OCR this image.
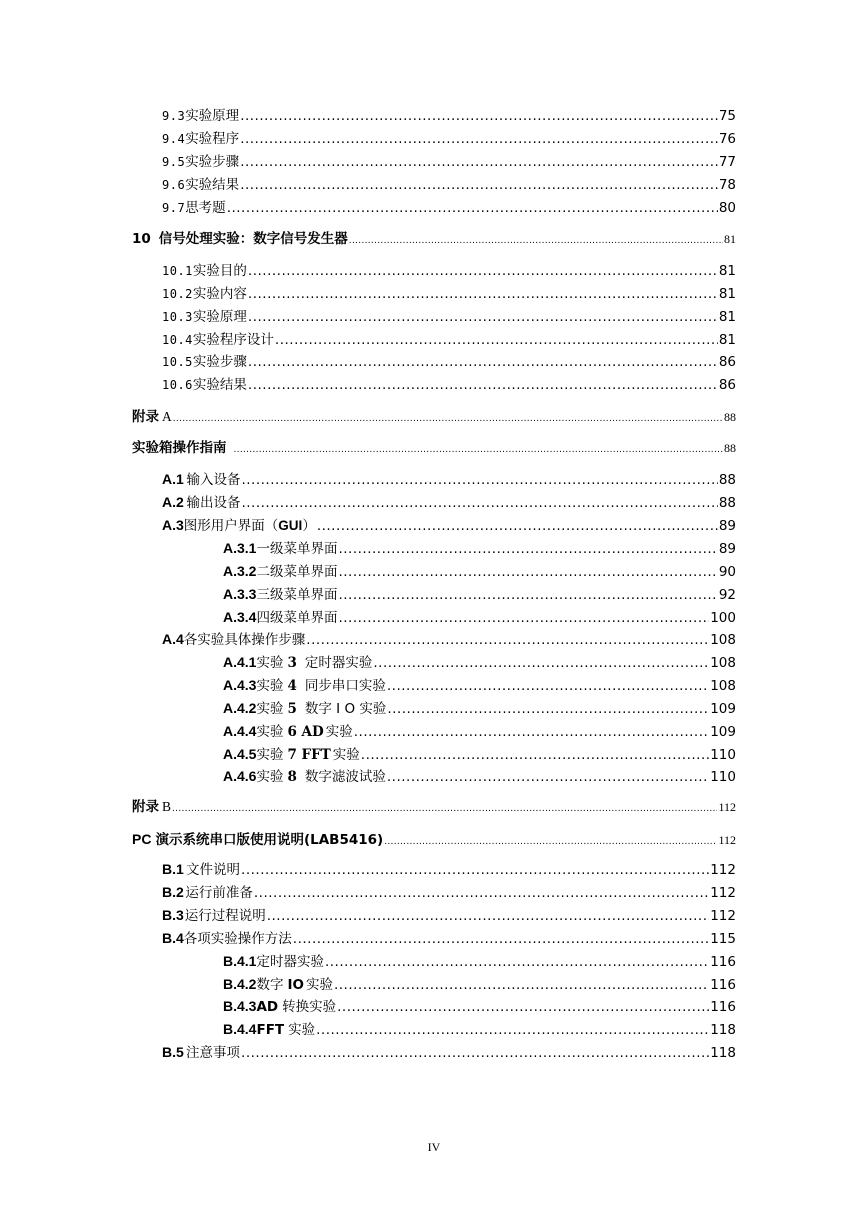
9.3 实验原理 .....	75
9.4 实验程序 .....	76
9.5 实验步骤 .....	77
9.6 实验结果 .....	78
9.7 思考题 .....	80
10 信号处理实验：数字信号发生器 .....	81
10.1 实验目的 .....	81
10.2 实验内容 .....	81
10.3 实验原理 .....	81
10.4 实验程序设计 .....	81
10.5 实验步骤 .....	86
10.6 实验结果 .....	86
附录 A .....	88
实验箱操作指南 .....	88
A.1 输入设备 .....	88
A.2 输出设备 .....	88
A.3 图形用户界面（ GUI ） .....	89
A.3.1 一级菜单界面 .....	89
A.3.2 二级菜单界面 .....	90
A.3.3 三级菜单界面 .....	92
A.3.4 四级菜单界面 .....	100
A.4 各实验具体操作步骤 .....	108
A.4.1 实验 3 定时器实验 .....	108
A.4.3 实验 4 同步串口实验 .....	108
A.4.2 实验 5 数字 I O 实验 .....	109
A.4.4 实验 6 AD 实验 .....	109
A.4.5 实验 7 FFT 实验 .....	110
A.4.6 实验 8 数字滤波试验 .....	110
附录 B .....	112
PC 演示系统串口版使用说明(LAB5416) .....	112
B.1 文件说明 .....	112
B.2 运行前准备 .....	112
B.3 运行过程说明 .....	112
B.4 各项实验操作方法 .....	115
B.4.1 定时器实验 .....	116
B.4.2 数字 IO 实验 .....	116
B.4.3 AD 转换实验 .....	116
B.4.4 FFT 实验 .....	118
B.5 注意事项 .....	118
IV
